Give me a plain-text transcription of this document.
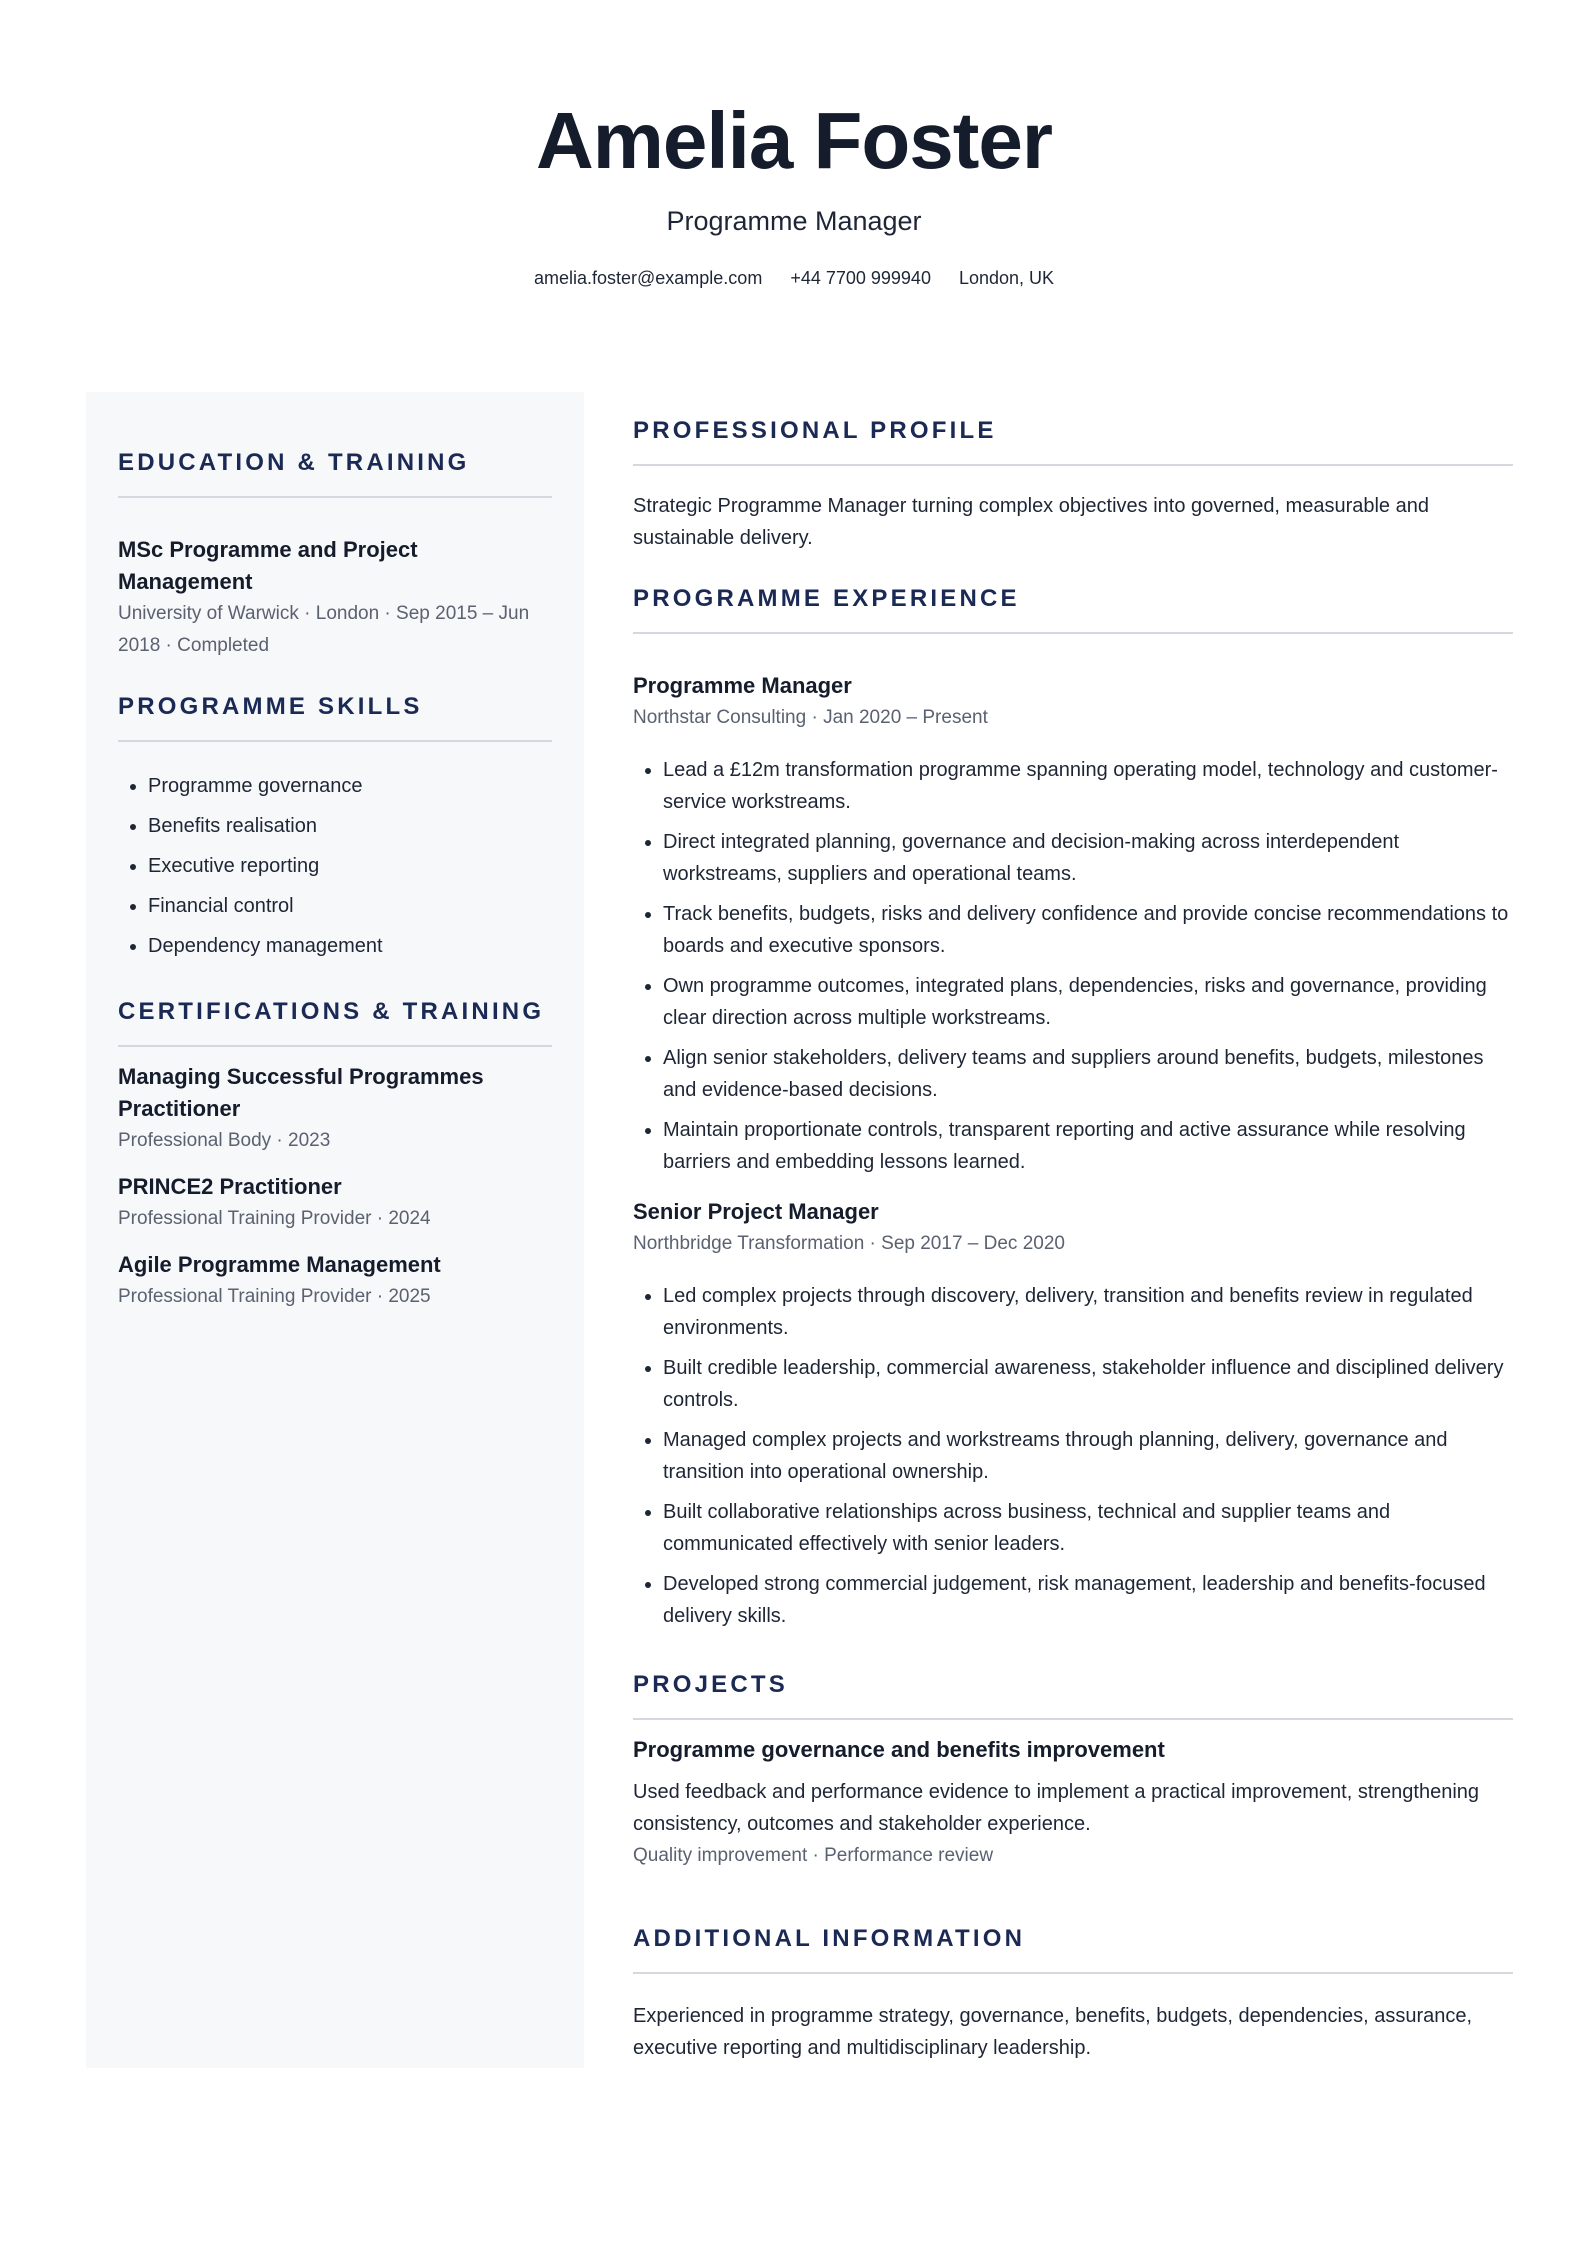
Amelia Foster
Programme Manager
amelia.foster@example.com +44 7700 999940 London, UK
EDUCATION & TRAINING
MSc Programme and Project Management
University of Warwick · London · Sep 2015 – Jun 2018 · Completed
PROGRAMME SKILLS
• Programme governance
• Benefits realisation
• Executive reporting
• Financial control
• Dependency management
CERTIFICATIONS & TRAINING
Managing Successful Programmes Practitioner
Professional Body · 2023
PRINCE2 Practitioner
Professional Training Provider · 2024
Agile Programme Management
Professional Training Provider · 2025
PROFESSIONAL PROFILE
Strategic Programme Manager turning complex objectives into governed, measurable and sustainable delivery.
PROGRAMME EXPERIENCE
Programme Manager
Northstar Consulting · Jan 2020 – Present
• Lead a £12m transformation programme spanning operating model, technology and customer-service workstreams.
• Direct integrated planning, governance and decision-making across interdependent workstreams, suppliers and operational teams.
• Track benefits, budgets, risks and delivery confidence and provide concise recommendations to boards and executive sponsors.
• Own programme outcomes, integrated plans, dependencies, risks and governance, providing clear direction across multiple workstreams.
• Align senior stakeholders, delivery teams and suppliers around benefits, budgets, milestones and evidence-based decisions.
• Maintain proportionate controls, transparent reporting and active assurance while resolving barriers and embedding lessons learned.
Senior Project Manager
Northbridge Transformation · Sep 2017 – Dec 2020
• Led complex projects through discovery, delivery, transition and benefits review in regulated environments.
• Built credible leadership, commercial awareness, stakeholder influence and disciplined delivery controls.
• Managed complex projects and workstreams through planning, delivery, governance and transition into operational ownership.
• Built collaborative relationships across business, technical and supplier teams and communicated effectively with senior leaders.
• Developed strong commercial judgement, risk management, leadership and benefits-focused delivery skills.
PROJECTS
Programme governance and benefits improvement
Used feedback and performance evidence to implement a practical improvement, strengthening consistency, outcomes and stakeholder experience.
Quality improvement · Performance review
ADDITIONAL INFORMATION
Experienced in programme strategy, governance, benefits, budgets, dependencies, assurance, executive reporting and multidisciplinary leadership.
